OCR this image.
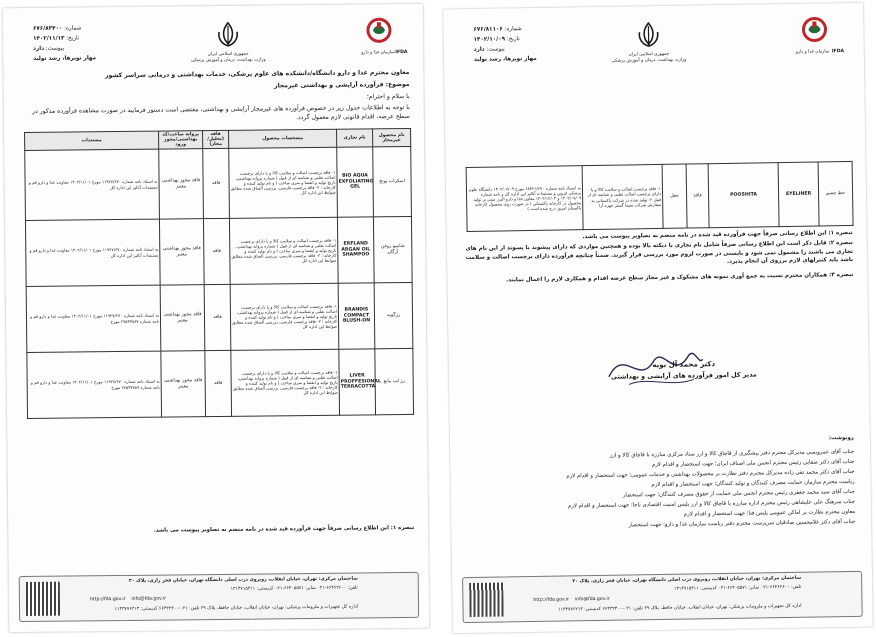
شماره: ۶۷۶/۸۳۴۰۰
تاریخ: ۱۴۰۲/۱۱/۱۳
پیوست: دارد
مهار نوبرها، رشد تولید
جمهوری اسلامی ایران
وزارت بهداشت، درمان و آموزش پزشکی
سازمان غذا و دارو IFDA
معاون محترم غذا و دارو دانشگاه/دانشکده های علوم پزشکی، خدمات بهداشتی و درمانی سراسر کشور
موضوع: فرآورده آرایشی و بهداشتی غیرمجاز
با سلام و احترام؛
با توجه به اطلاعات جدول زیر در خصوص فرآورده های غیرمجاز آرایشی و بهداشتی، مقتضی است دستور فرمایید در صورت مشاهده فرآورده مذکور در سطح عرضه، اقدام قانونی لازم معمول گردد.
نام محصول غیرمجاز	نام تجاری	مشخصات محصول	فاقد (تحلیل/مجاز)	پروانه ساخت/کد بهداشتی/مجوز ورود	مستندات
اسکراب پوتخ	BIO AQUA EXFOLIATING GEL	۱- فاقد برچسب اصالت و سلامت کالا و یا دارای برچسب اصالت تقلبی و شناسه ای از قبیل ( شماره پروانه بهداشتی، تاریخ تولید و انقضا و سری ساخت ) و نام تولید کننده و کارخانه ؛ ۲- فاقد برچسب فارسی، بررسی الصاق شده مطابق ضوابط این اداره کل	فاقد	فاقد مجوز بهداشتی معتبر	به استناد نامه شماره ۱۱۹۲۷/۶۷۰ مورخ ۱۴۰۲/۱۱/۰۱ معاونت غذا و دارو قم و مستندات آنالیز این اداره کل
شامپو روغن آرگان	ERFLAND ARGAN OIL SHAMPOO	۱- فاقد برچسب اصالت و سلامت کالا و یا دارای برچسب اصالت تقلبی و شناسه ای از قبیل ( شماره پروانه بهداشتی، تاریخ تولید و انقضا و سری ساخت ) و نام تولید کننده و کارخانه ؛ ۲- فاقد برچسب فارسی، بررسی الصاق شده مطابق ضوابط این اداره کل	فاقد	فاقد مجوز بهداشتی معتبر	به استناد نامه شماره ۱۱۹۲۷/۶۷۰ مورخ ۱۴۰۲/۱۱/۰۱ معاونت غذا و دارو قم و مستندات آنالیز این اداره کل
رژگونه	BRANDIS COMPACT BLUSH-ON	۱- فاقد برچسب اصالت و سلامت کالا و یا دارای برچسب اصالت تقلبی و شناسه ای از قبیل ( شماره پروانه بهداشتی، تاریخ تولید و انقضا و سری ساخت ) و نام تولید کننده و کارخانه ؛ ۲- فاقد برچسب فارسی، بررسی الصاق شده مطابق ضوابط این اداره کل	فاقد	فاقد مجوز بهداشتی معتبر	به استناد نامه شماره ۱۱۹۲۷/۶۷۰ مورخ ۱۴۰۲/۱۱/۰۱ معاونت غذا و دارو قم و نامه شماره ۲۷۵۳۷۸۸۷ مورخ
رژ لب مایع	LIVER PROFFESIONAL TERRACOTTA	۱- فاقد برچسب اصالت و سلامت کالا و یا دارای برچسب اصالت تقلبی و شناسه ای از قبیل ( شماره پروانه بهداشتی، تاریخ تولید و انقضا و سری ساخت ) و نام تولید کننده و کارخانه ؛ ۲- فاقد برچسب فارسی، بررسی الصاق شده مطابق ضوابط این اداره کل	فاقد	فاقد مجوز بهداشتی معتبر	به استناد نامه شماره ۱۱۹۲۷/۶۷۰ مورخ ۱۴۰۲/۱۱/۰۱ معاونت غذا و دارو قم و نامه شماره ۲۷۵۳۷۸۸۷ مورخ
تبصره ۱: این اطلاع رسانی صرفاً جهت فرآورده قید شده در نامه منضم به تصاویر پیوست می باشد.
ساختمان مرکزی: تهران، خیابان انقلاب، روبروی درب اصلی دانشگاه تهران، خیابان فخر رازی، پلاک ۳۰
تلفن: ۶۶۴۶۲۶۰۰-۰۲۱ نمابر: ۶۶۴۰۵۵۷۱-۰۲۱ کدپستی: ۱۳۱۴۷۱۵۳۱۱
http://fda.gov.ir info@fda.gov.ir
اداره کل تجهیزات و ملزومات پزشکی: تهران، خیابان انقلاب، خیابان حافظ، پلاک ۲۹ تلفن: ۰۲۱-۶۶۴۳۲۳۰۰ کدپستی: ۱۱۳۳۷۷۶۲۱۳
شماره: ۶۷۶/۸۱۱۰۶
تاریخ: ۱۴۰۲/۱۰/۰۹
پیوست: دارد
مهار نوبرها، رشد تولید
جمهوری اسلامی ایران
وزارت بهداشت، درمان و آموزش پزشکی
سازمان غذا و دارو IFDA
خط چشم	EYELINER	POOSHITA	فاقد	جعل	۱- فاقد برچسب اصالت و سلامت کالا و یا دارای برچسب اصالت تقلبی و شناسه ای از قبیل ۲- تولید شده در شرکت پاکستانی به سفارش شرکت سیما گستر چهره آرا	به استناد نامه شماره ۶۸۴۲۱/۶۷۰ مورخ ۱۴۰۲/۰۷/۰۹ دانشگاه علوم پزشکی قزوین و مستندات آنالیز این اداره کل و نامه شماره ۱۴۰۲/۰۷/۰۹ و ۱۴۰۲/۱۲/۰۴ معاون غذا و دارو البرز مبنی بر تولید محصول در کارخانه پاکستانی ( در صورت روی محصول کارخانه پاکستان امروز درج شده است )
تبصره ۱: این اطلاع رسانی صرفاً جهت فرآورده قید شده در نامه منضم به تصاویر پیوست می باشد.
تبصره ۲: قابل ذکر است این اطلاع رسانی صرفاً شامل نام تجاری با دیکته بالا بوده و همچنین مواردی که دارای پیشوند یا پسوند از این نام های تجاری می باشند را مشمول نمی شود و بایستی در صورت لزوم مورد بررسی قرار گیرند. ضمناً چنانچه فرآورده دارای برچسب اصالت و سلامت باشد باید کنترلهای لازم برروی آن انجام پذیرد.
تبصره ۳: همکاران محترم نسبت به جمع آوری نمونه های مشکوک و غیر مجاز سطح عرضه اقدام و همکاری لازم را اعمال نمایند.
دکتر محمد آل بویه
مدیر کل امور فرآورده های آرایشی و بهداشتی
رونوشت:
جناب آقای عمرویسی مدیرکل محترم دفتر پیشگیری از قاچاق کالا و ارز ستاد مرکزی مبارزه با قاچاق کالا و ارز
جناب آقای دکتر صفایی رئیس محترم انجمن ملی اصناف ایران؛ جهت استحضار و اقدام لازم
جناب آقای دکتر محمد تقی زاده مدیرکل محترم دفتر نظارت بر محصولات بهداشتی و خدمات عمومی؛ جهت استحضار و اقدام لازم
ریاست محترم سازمان حمایت مصرف کنندگان و تولید کنندگان؛ جهت استحضار و اقدام لازم
جناب آقای سید محمد جعفری رئیس محترم انجمن ملی حمایت از حقوق مصرف کنندگان؛ جهت استحضار
جناب سرهنگ علی علیشاهی رئیس محترم اداره مبارزه با قاچاق کالا و ارز پلیس امنیت اقتصادی ناجا؛ جهت استحضار و اقدام لازم
معاون محترم نظارت بر اماکن عمومی پلیس فتا؛ جهت استحضار و اقدام لازم
جناب آقای دکتر غلامحسین صادقیان سرپرست محترم دفتر ریاست سازمان غذا و دارو؛ جهت استحضار
ساختمان مرکزی: تهران، خیابان انقلاب، روبروی درب اصلی دانشگاه تهران، خیابان فخر رازی، پلاک ۳۰
تلفن: ۶۶۴۶۲۶۰۰-۰۲۱ نمابر: ۶۶۴۰۵۵۷۱-۰۲۱ کدپستی: ۱۳۱۴۷۱۵۳۱۱
http://fda.gov.ir info@fda.gov.ir
اداره کل تجهیزات و ملزومات پزشکی: تهران، خیابان انقلاب، خیابان حافظ، پلاک ۲۹ تلفن: ۰۲۱-۶۶۴۳۲۳۰۰ کدپستی: ۱۱۳۳۷۷۶۲۱۳
